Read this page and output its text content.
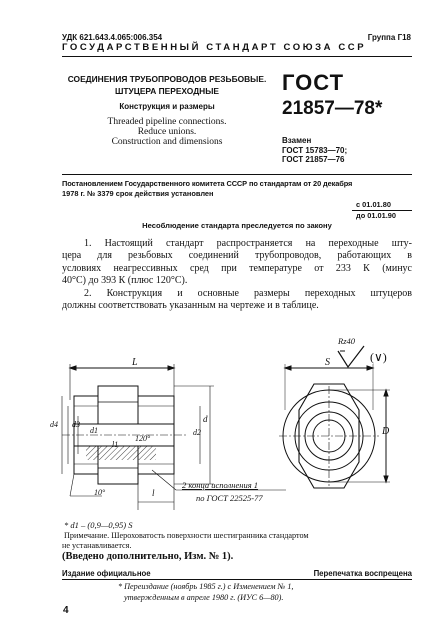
УДК 621.643.4.065:006.354	Группа Г18
ГОСУДАРСТВЕННЫЙ СТАНДАРТ СОЮЗА ССР
СОЕДИНЕНИЯ ТРУБОПРОВОДОВ РЕЗЬБОВЫЕ.
ШТУЦЕРА ПЕРЕХОДНЫЕ
Конструкция и размеры
Threaded pipeline connections.
Reduce unions.
Construction and dimensions
ГОСТ
21857—78*
Взамен
ГОСТ 15783—70;
ГОСТ 21857—76
Постановлением Государственного комитета СССР по стандартам от 20 декабря
1978 г. № 3379 срок действия установлен
с 01.01.80
до 01.01.90
Несоблюдение стандарта преследуется по закону
1. Настоящий стандарт распространяется на переходные шту-
цера для резьбовых соединений трубопроводов, работающих в
условиях неагрессивных сред при температуре от 233 К (минус
40°С) до 393 К (плюс 120°С).
2. Конструкция и основные размеры переходных штуцеров
должны соответствовать указанным на чертеже и в таблице.
Rz40
(∨)
L	S
D
d
d1	d2
d3
d4
l
l1
120°
10°
2 конца исполнения 1
по ГОСТ 22525-77
* d1 – (0,9—0,95) S
Примечание. Шероховатость поверхности шестигранника стандартом
не устанавливается.
(Введено дополнительно, Изм. № 1).
Издание официальное	Перепечатка воспрещена
* Переиздание (ноябрь 1985 г.) с Изменением № 1,
утвержденным в апреле 1980 г. (ИУС 6—80).
4
